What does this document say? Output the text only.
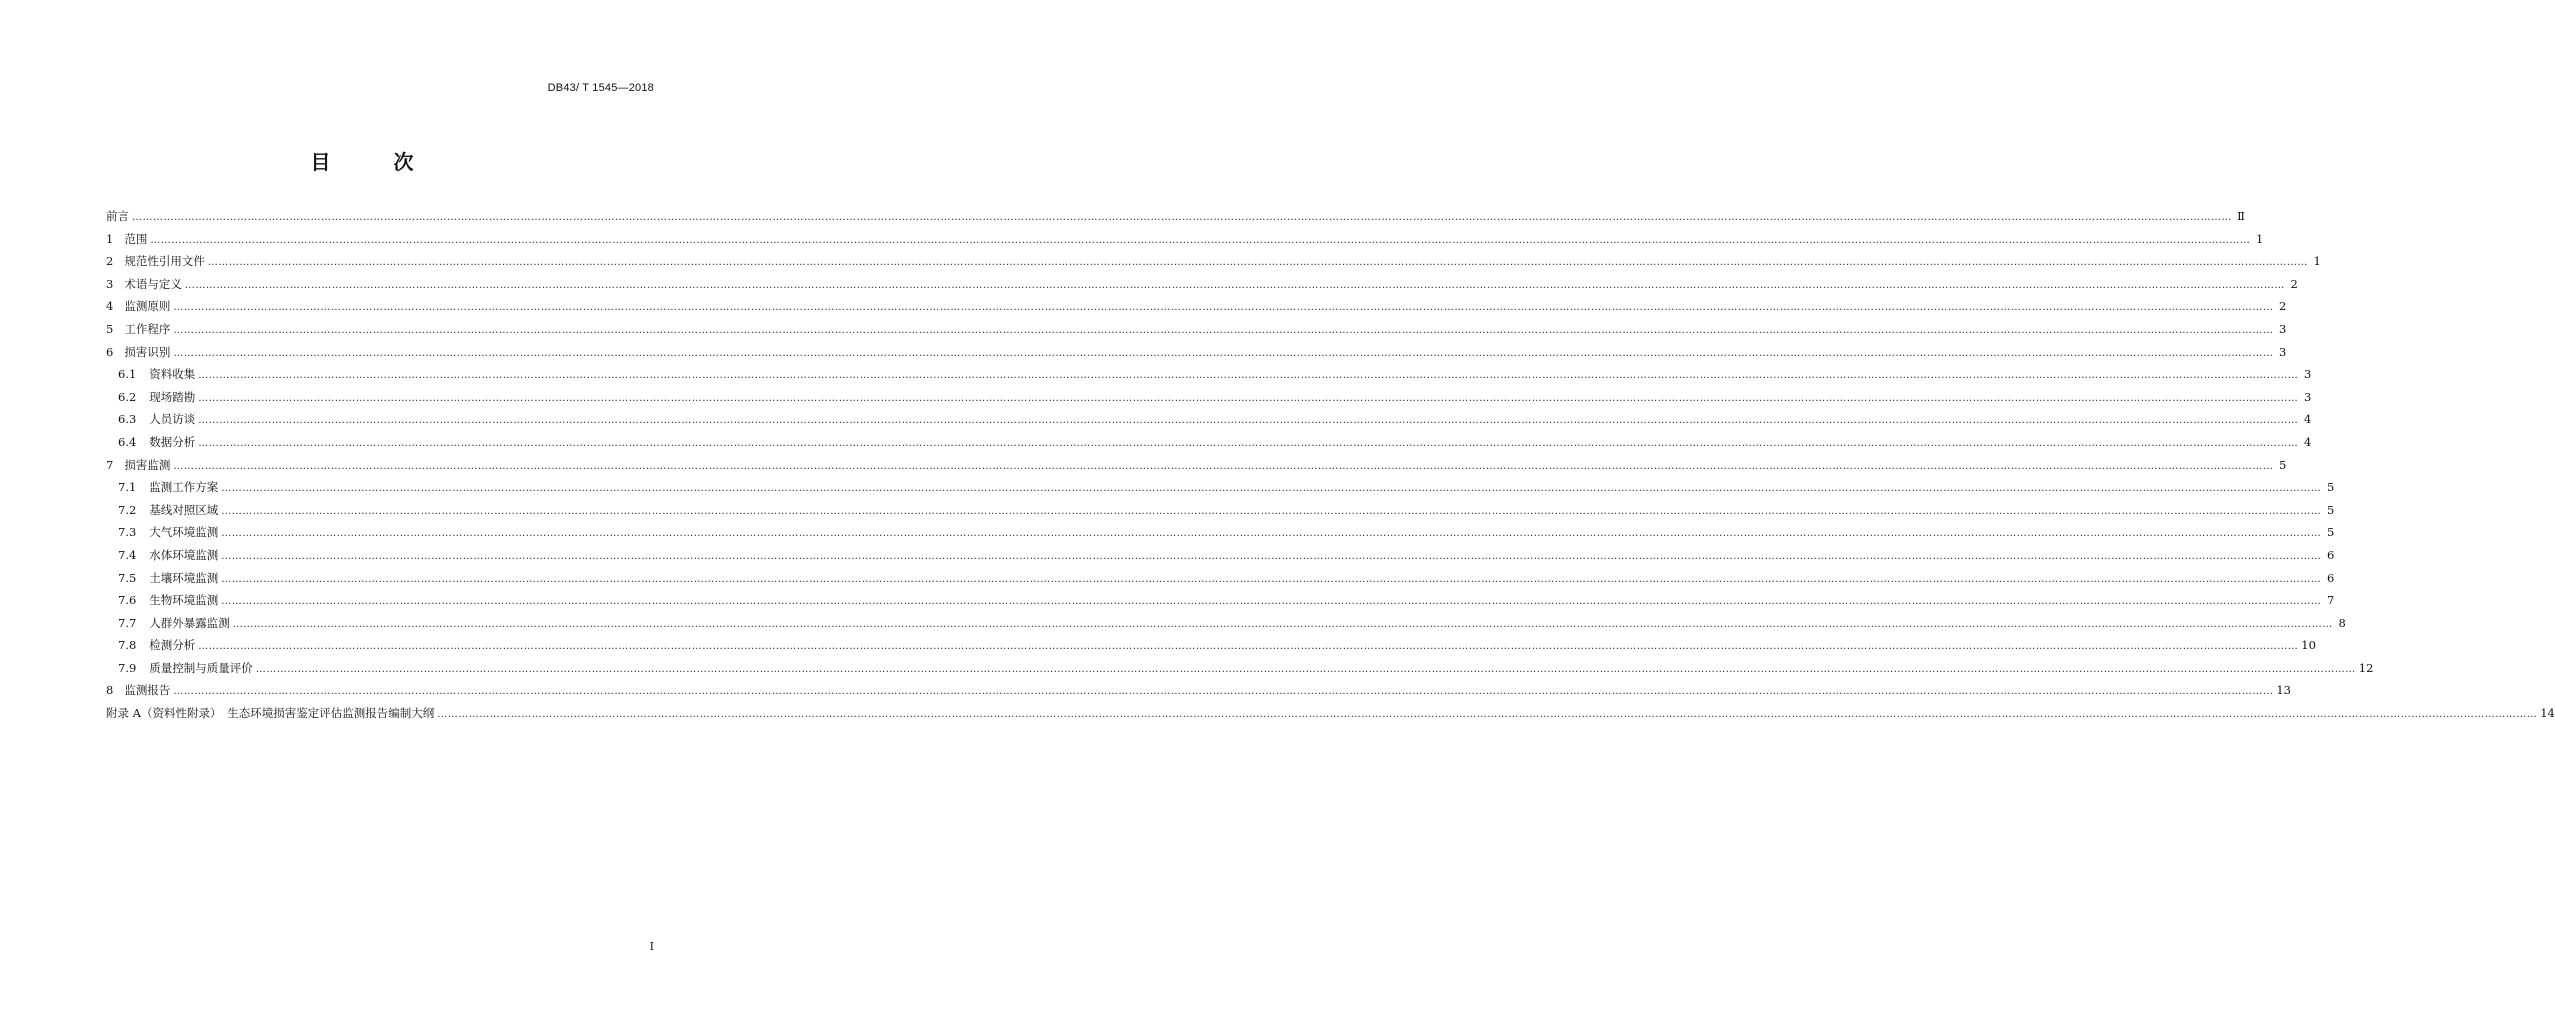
DB43/ T 1545—2018
目 次
前言 …………………………………………………………………………………………………………………………………………………………………………………………………………………………………………………………………………………………………………………………………………………………………………………………………………………………………………………………………………………………………………………………………………………… Ⅱ
1 范围 …………………………………………………………………………………………………………………………………………………………………………………………………………………………………………………………………………………………………………………………………………………………………………………………………………………………………………………………………………………………………………………………………………………… 1
2 规范性引用文件 …………………………………………………………………………………………………………………………………………………………………………………………………………………………………………………………………………………………………………………………………………………………………………………………………………………………………………………………………………………………………………………………………………………… 1
3 术语与定义 …………………………………………………………………………………………………………………………………………………………………………………………………………………………………………………………………………………………………………………………………………………………………………………………………………………………………………………………………………………………………………………………………………………… 2
4 监测原则 …………………………………………………………………………………………………………………………………………………………………………………………………………………………………………………………………………………………………………………………………………………………………………………………………………………………………………………………………………………………………………………………………………………… 2
5 工作程序 …………………………………………………………………………………………………………………………………………………………………………………………………………………………………………………………………………………………………………………………………………………………………………………………………………………………………………………………………………………………………………………………………………………… 3
6 损害识别 …………………………………………………………………………………………………………………………………………………………………………………………………………………………………………………………………………………………………………………………………………………………………………………………………………………………………………………………………………………………………………………………………………………… 3
6.1 资料收集 …………………………………………………………………………………………………………………………………………………………………………………………………………………………………………………………………………………………………………………………………………………………………………………………………………………………………………………………………………………………………………………………………………………… 3
6.2 现场踏勘 …………………………………………………………………………………………………………………………………………………………………………………………………………………………………………………………………………………………………………………………………………………………………………………………………………………………………………………………………………………………………………………………………………………… 3
6.3 人员访谈 …………………………………………………………………………………………………………………………………………………………………………………………………………………………………………………………………………………………………………………………………………………………………………………………………………………………………………………………………………………………………………………………………………………… 4
6.4 数据分析 …………………………………………………………………………………………………………………………………………………………………………………………………………………………………………………………………………………………………………………………………………………………………………………………………………………………………………………………………………………………………………………………………………………… 4
7 损害监测 …………………………………………………………………………………………………………………………………………………………………………………………………………………………………………………………………………………………………………………………………………………………………………………………………………………………………………………………………………………………………………………………………………………… 5
7.1 监测工作方案 …………………………………………………………………………………………………………………………………………………………………………………………………………………………………………………………………………………………………………………………………………………………………………………………………………………………………………………………………………………………………………………………………………………… 5
7.2 基线对照区域 …………………………………………………………………………………………………………………………………………………………………………………………………………………………………………………………………………………………………………………………………………………………………………………………………………………………………………………………………………………………………………………………………………………… 5
7.3 大气环境监测 …………………………………………………………………………………………………………………………………………………………………………………………………………………………………………………………………………………………………………………………………………………………………………………………………………………………………………………………………………………………………………………………………………………… 5
7.4 水体环境监测 …………………………………………………………………………………………………………………………………………………………………………………………………………………………………………………………………………………………………………………………………………………………………………………………………………………………………………………………………………………………………………………………………………………… 6
7.5 土壤环境监测 …………………………………………………………………………………………………………………………………………………………………………………………………………………………………………………………………………………………………………………………………………………………………………………………………………………………………………………………………………………………………………………………………………………… 6
7.6 生物环境监测 …………………………………………………………………………………………………………………………………………………………………………………………………………………………………………………………………………………………………………………………………………………………………………………………………………………………………………………………………………………………………………………………………………………… 7
7.7 人群外暴露监测 …………………………………………………………………………………………………………………………………………………………………………………………………………………………………………………………………………………………………………………………………………………………………………………………………………………………………………………………………………………………………………………………………………………… 8
7.8 检测分析 …………………………………………………………………………………………………………………………………………………………………………………………………………………………………………………………………………………………………………………………………………………………………………………………………………………………………………………………………………………………………………………………………………………… 10
7.9 质量控制与质量评价 …………………………………………………………………………………………………………………………………………………………………………………………………………………………………………………………………………………………………………………………………………………………………………………………………………………………………………………………………………………………………………………………………………………… 12
8 监测报告 …………………………………………………………………………………………………………………………………………………………………………………………………………………………………………………………………………………………………………………………………………………………………………………………………………………………………………………………………………………………………………………………………………………… 13
附录 A（资料性附录）　生态环境损害鉴定评估监测报告编制大纲 …………………………………………………………………………………………………………………………………………………………………………………………………………………………………………………………………………………………………………………………………………………………………………………………………………………………………………………………………………………………………………………………………………………… 14
I
